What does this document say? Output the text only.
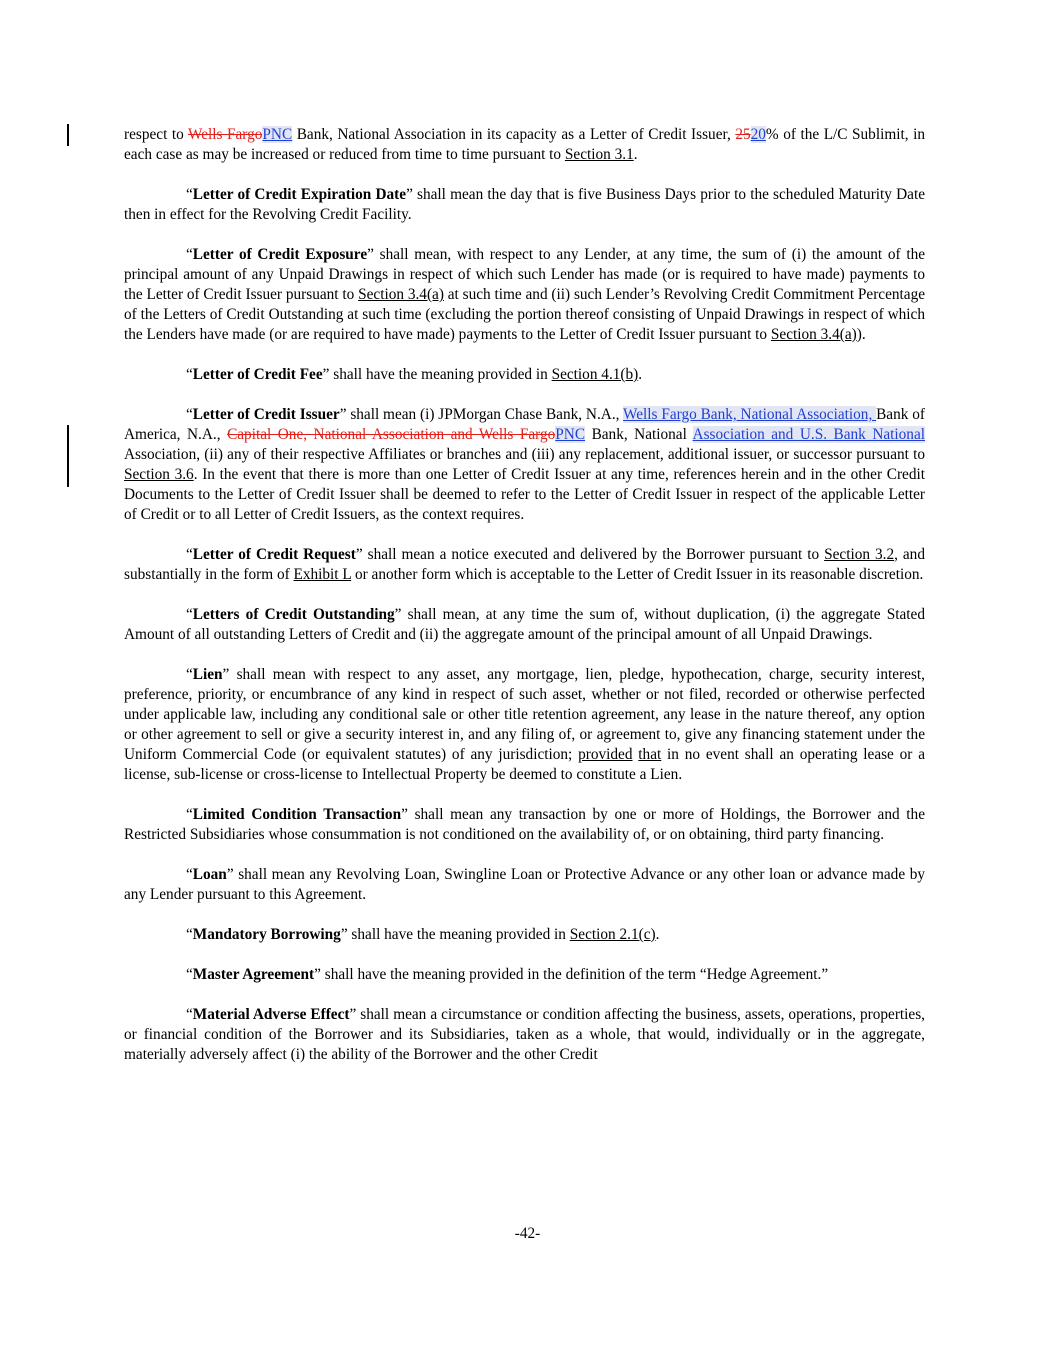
respect to Wells FargoPNC Bank, National Association in its capacity as a Letter of Credit Issuer, 2520% of the L/C Sublimit, in each case as may be increased or reduced from time to time pursuant to Section 3.1.

“Letter of Credit Expiration Date” shall mean the day that is five Business Days prior to the scheduled Maturity Date then in effect for the Revolving Credit Facility.

“Letter of Credit Exposure” shall mean, with respect to any Lender, at any time, the sum of (i) the amount of the principal amount of any Unpaid Drawings in respect of which such Lender has made (or is required to have made) payments to the Letter of Credit Issuer pursuant to Section 3.4(a) at such time and (ii) such Lender’s Revolving Credit Commitment Percentage of the Letters of Credit Outstanding at such time (excluding the portion thereof consisting of Unpaid Drawings in respect of which the Lenders have made (or are required to have made) payments to the Letter of Credit Issuer pursuant to Section 3.4(a)).

“Letter of Credit Fee” shall have the meaning provided in Section 4.1(b).

“Letter of Credit Issuer” shall mean (i) JPMorgan Chase Bank, N.A., Wells Fargo Bank, National Association, Bank of America, N.A., Capital One, National Association and Wells FargoPNC Bank, National Association and U.S. Bank National Association, (ii) any of their respective Affiliates or branches and (iii) any replacement, additional issuer, or successor pursuant to Section 3.6. In the event that there is more than one Letter of Credit Issuer at any time, references herein and in the other Credit Documents to the Letter of Credit Issuer shall be deemed to refer to the Letter of Credit Issuer in respect of the applicable Letter of Credit or to all Letter of Credit Issuers, as the context requires.

“Letter of Credit Request” shall mean a notice executed and delivered by the Borrower pursuant to Section 3.2, and substantially in the form of Exhibit L or another form which is acceptable to the Letter of Credit Issuer in its reasonable discretion.

“Letters of Credit Outstanding” shall mean, at any time the sum of, without duplication, (i) the aggregate Stated Amount of all outstanding Letters of Credit and (ii) the aggregate amount of the principal amount of all Unpaid Drawings.

“Lien” shall mean with respect to any asset, any mortgage, lien, pledge, hypothecation, charge, security interest, preference, priority, or encumbrance of any kind in respect of such asset, whether or not filed, recorded or otherwise perfected under applicable law, including any conditional sale or other title retention agreement, any lease in the nature thereof, any option or other agreement to sell or give a security interest in, and any filing of, or agreement to, give any financing statement under the Uniform Commercial Code (or equivalent statutes) of any jurisdiction; provided that in no event shall an operating lease or a license, sub-license or cross-license to Intellectual Property be deemed to constitute a Lien.

“Limited Condition Transaction” shall mean any transaction by one or more of Holdings, the Borrower and the Restricted Subsidiaries whose consummation is not conditioned on the availability of, or on obtaining, third party financing.

“Loan” shall mean any Revolving Loan, Swingline Loan or Protective Advance or any other loan or advance made by any Lender pursuant to this Agreement.

“Mandatory Borrowing” shall have the meaning provided in Section 2.1(c).

“Master Agreement” shall have the meaning provided in the definition of the term “Hedge Agreement.”

“Material Adverse Effect” shall mean a circumstance or condition affecting the business, assets, operations, properties, or financial condition of the Borrower and its Subsidiaries, taken as a whole, that would, individually or in the aggregate, materially adversely affect (i) the ability of the Borrower and the other Credit

-42-
